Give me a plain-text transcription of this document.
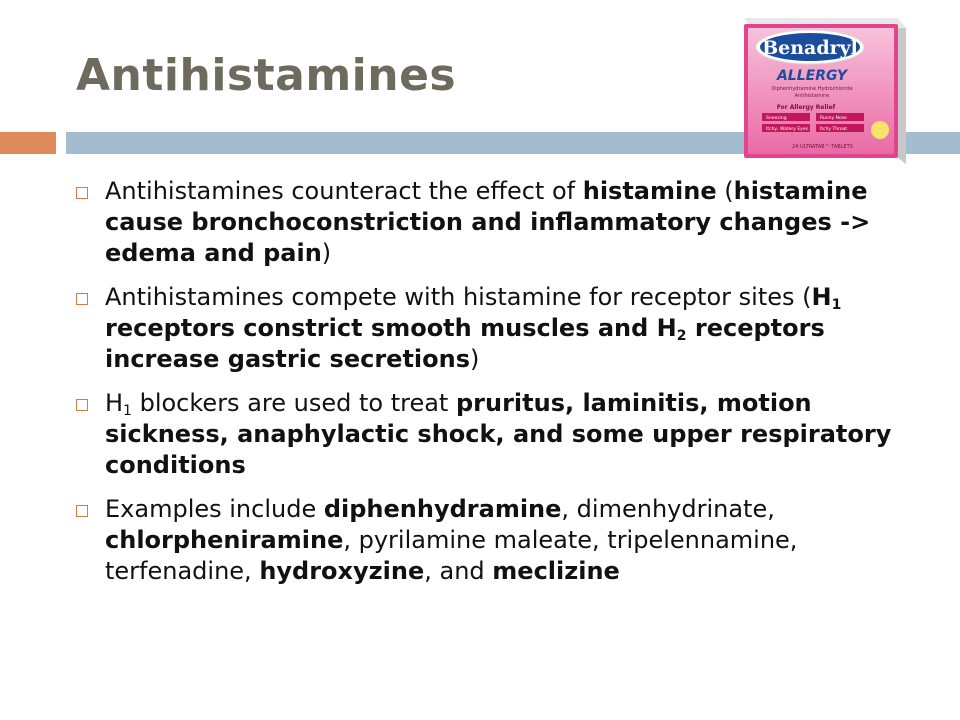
Antihistamines
Benadryl
ALLERGY
Diphenhydramine Hydrochloride
Antihistamine
For Allergy Relief
Sneezing	Runny Nose
Itchy, Watery Eyes	Itchy Throat
24 ULTRATAB™ TABLETS
Antihistamines counteract the effect of histamine (histamine cause bronchoconstriction and inflammatory changes -> edema and pain)
Antihistamines compete with histamine for receptor sites ($H_1$ receptors constrict smooth muscles and $H_2$ receptors increase gastric secretions)
$H_1$ blockers are used to treat pruritus, laminitis, motion sickness, anaphylactic shock, and some upper respiratory conditions
Examples include diphenhydramine, dimenhydrinate, chlorpheniramine, pyrilamine maleate, tripelennamine, terfenadine, hydroxyzine, and meclizine
